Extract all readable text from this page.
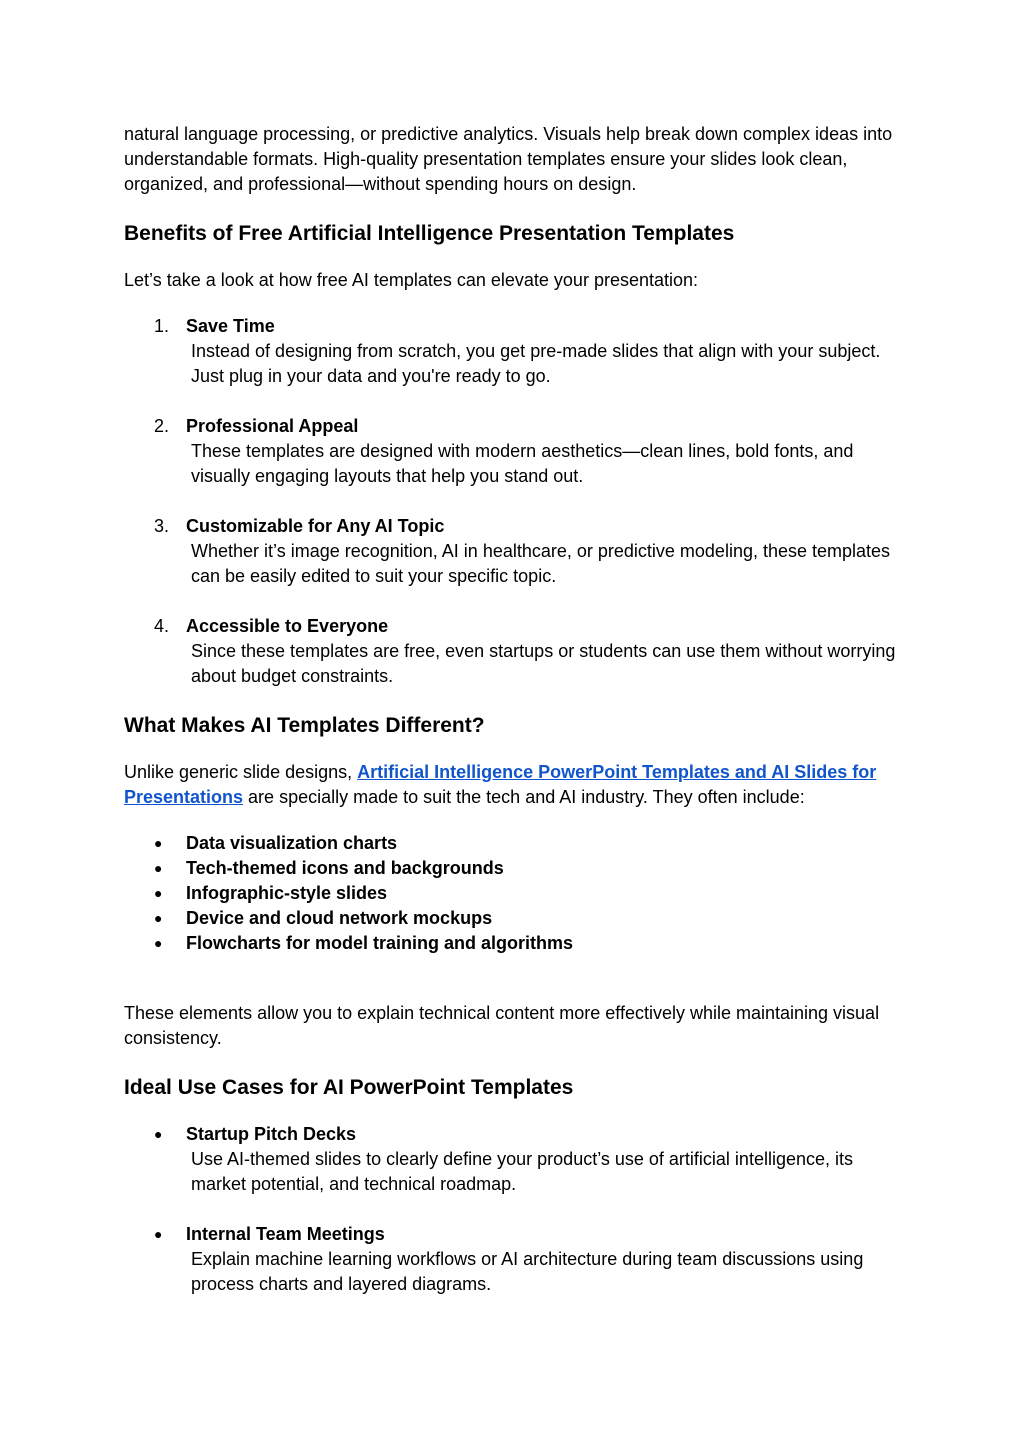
natural language processing, or predictive analytics. Visuals help break down complex ideas into understandable formats. High-quality presentation templates ensure your slides look clean, organized, and professional—without spending hours on design.

Benefits of Free Artificial Intelligence Presentation Templates

Let’s take a look at how free AI templates can elevate your presentation:

1. Save Time
Instead of designing from scratch, you get pre-made slides that align with your subject. Just plug in your data and you're ready to go.
2. Professional Appeal
These templates are designed with modern aesthetics—clean lines, bold fonts, and visually engaging layouts that help you stand out.
3. Customizable for Any AI Topic
Whether it’s image recognition, AI in healthcare, or predictive modeling, these templates can be easily edited to suit your specific topic.
4. Accessible to Everyone
Since these templates are free, even startups or students can use them without worrying about budget constraints.
What Makes AI Templates Different?

Unlike generic slide designs, Artificial Intelligence PowerPoint Templates and AI Slides for Presentations are specially made to suit the tech and AI industry. They often include:

● Data visualization charts
● Tech-themed icons and backgrounds
● Infographic-style slides
● Device and cloud network mockups
● Flowcharts for model training and algorithms

These elements allow you to explain technical content more effectively while maintaining visual consistency.

Ideal Use Cases for AI PowerPoint Templates
● Startup Pitch Decks
Use AI-themed slides to clearly define your product’s use of artificial intelligence, its market potential, and technical roadmap.
● Internal Team Meetings
Explain machine learning workflows or AI architecture during team discussions using process charts and layered diagrams.
